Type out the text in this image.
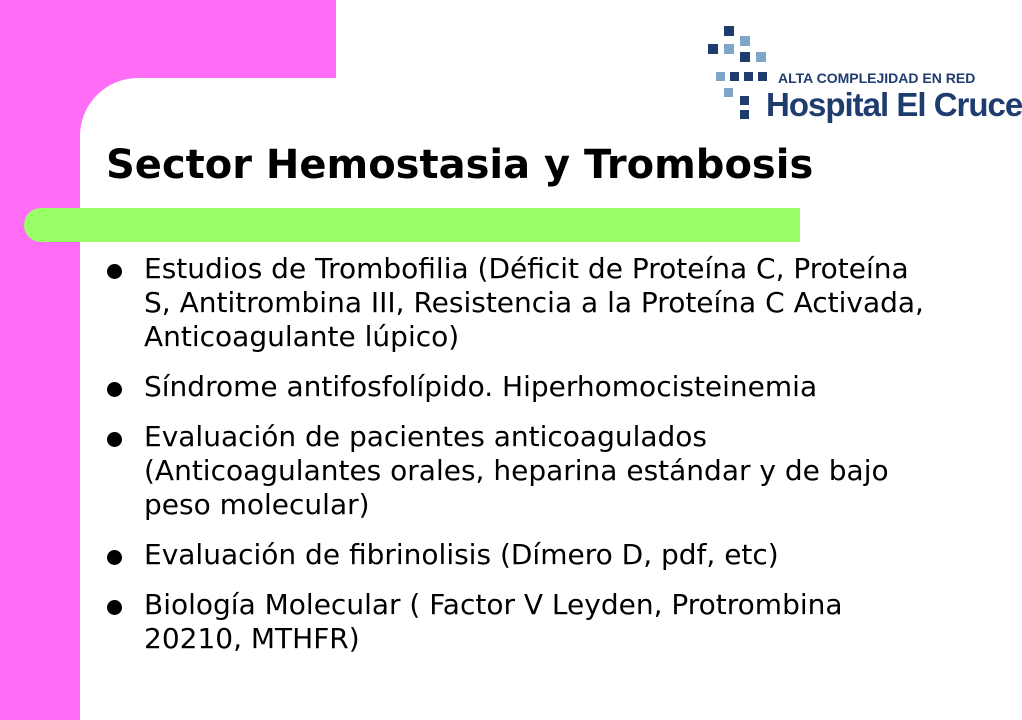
ALTA COMPLEJIDAD EN RED
Hospital El Cruce
Sector Hemostasia y Trombosis
Estudios de Trombofilia (Déficit de Proteína C, Proteína S, Antitrombina III, Resistencia a la Proteína C Activada, Anticoagulante lúpico)
Síndrome antifosfolípido. Hiperhomocisteinemia
Evaluación de pacientes anticoagulados (Anticoagulantes orales, heparina estándar y de bajo peso molecular)
Evaluación de fibrinolisis (Dímero D, pdf, etc)
Biología Molecular ( Factor V Leyden, Protrombina 20210, MTHFR)
